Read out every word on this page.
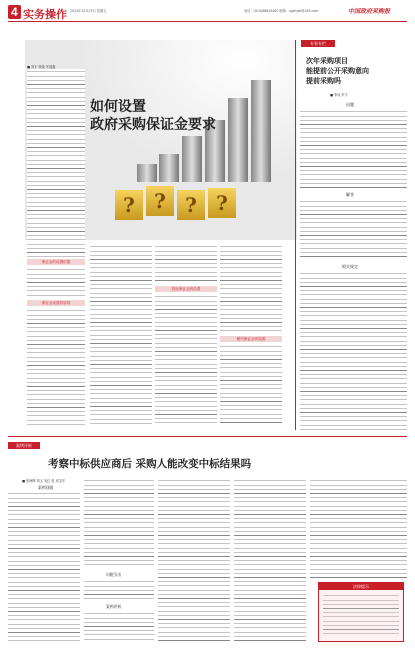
4 实务操作 2024年10月25日 星期五	电话：(010)68620400 邮箱：zgzfcgb@163.com	中国政府采购报
? ? ? ?
如何设置
政府采购保证金要求
■ 刘宇 张晓 朱国鑫
保证金的设置依据
保证金设置的原则
投标保证金的设置
履约保证金的设置
专家专栏
次年采购项目
能提前公开采购意向
提前采购吗
■ 李成 朱宇
问题
解答
相关规定
案例评析
考察中标供应商后 采购人能改变中标结果吗
■ 张海晖 刘玉 吴红 张 邓宝华
案例回顾
问题引出
案例评析
法律提示
